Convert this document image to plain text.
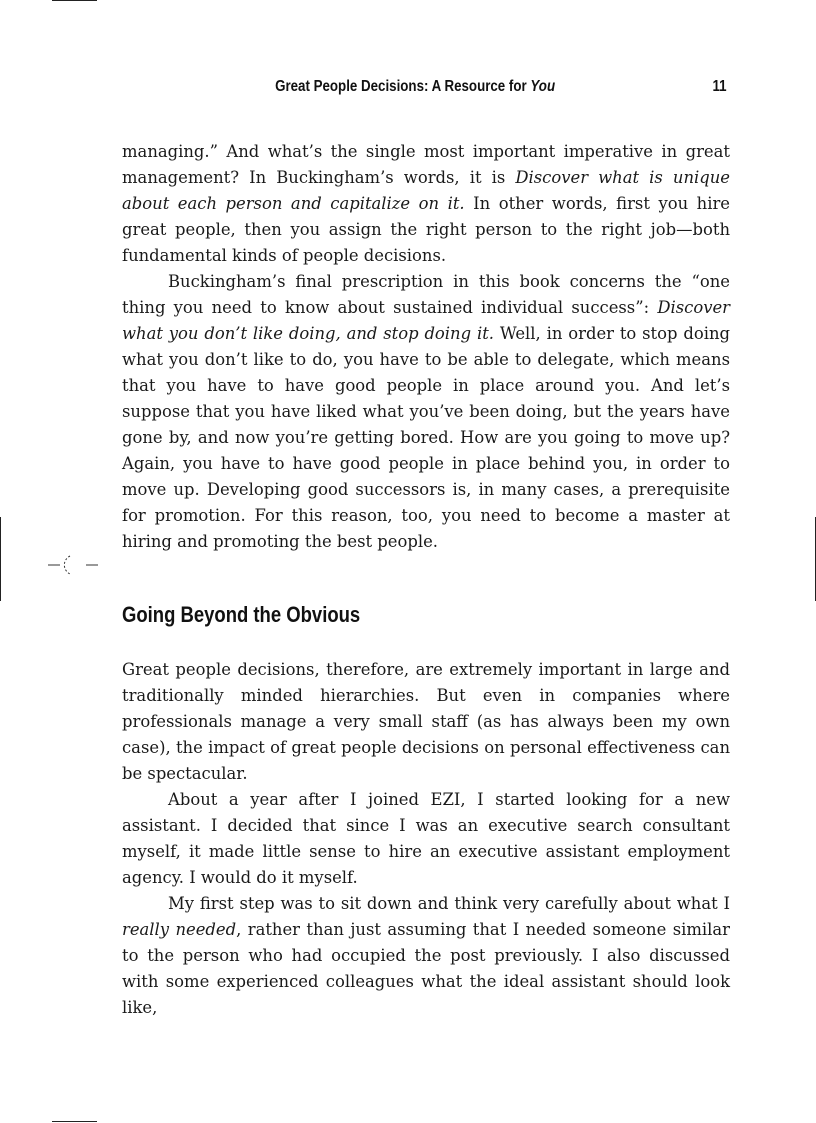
Great People Decisions: A Resource for You	11

managing.” And what’s the single most important imperative in great management? In Buckingham’s words, it is Discover what is unique about each person and capitalize on it. In other words, first you hire great people, then you assign the right person to the right job—both fundamental kinds of people decisions.

Buckingham’s final prescription in this book concerns the “one thing you need to know about sustained individual success”: Discover what you don’t like doing, and stop doing it. Well, in order to stop doing what you don’t like to do, you have to be able to delegate, which means that you have to have good people in place around you. And let’s suppose that you have liked what you’ve been doing, but the years have gone by, and now you’re getting bored. How are you going to move up? Again, you have to have good people in place behind you, in order to move up. Developing good successors is, in many cases, a prerequisite for promotion. For this reason, too, you need to become a master at hiring and promoting the best people.

Going Beyond the Obvious

Great people decisions, therefore, are extremely important in large and traditionally minded hierarchies. But even in companies where professionals manage a very small staff (as has always been my own case), the impact of great people decisions on personal effectiveness can be spectacular.

About a year after I joined EZI, I started looking for a new assistant. I decided that since I was an executive search consultant myself, it made little sense to hire an executive assistant employment agency. I would do it myself.

My first step was to sit down and think very carefully about what I really needed, rather than just assuming that I needed someone similar to the person who had occupied the post previously. I also discussed with some experienced colleagues what the ideal assistant should look like,
